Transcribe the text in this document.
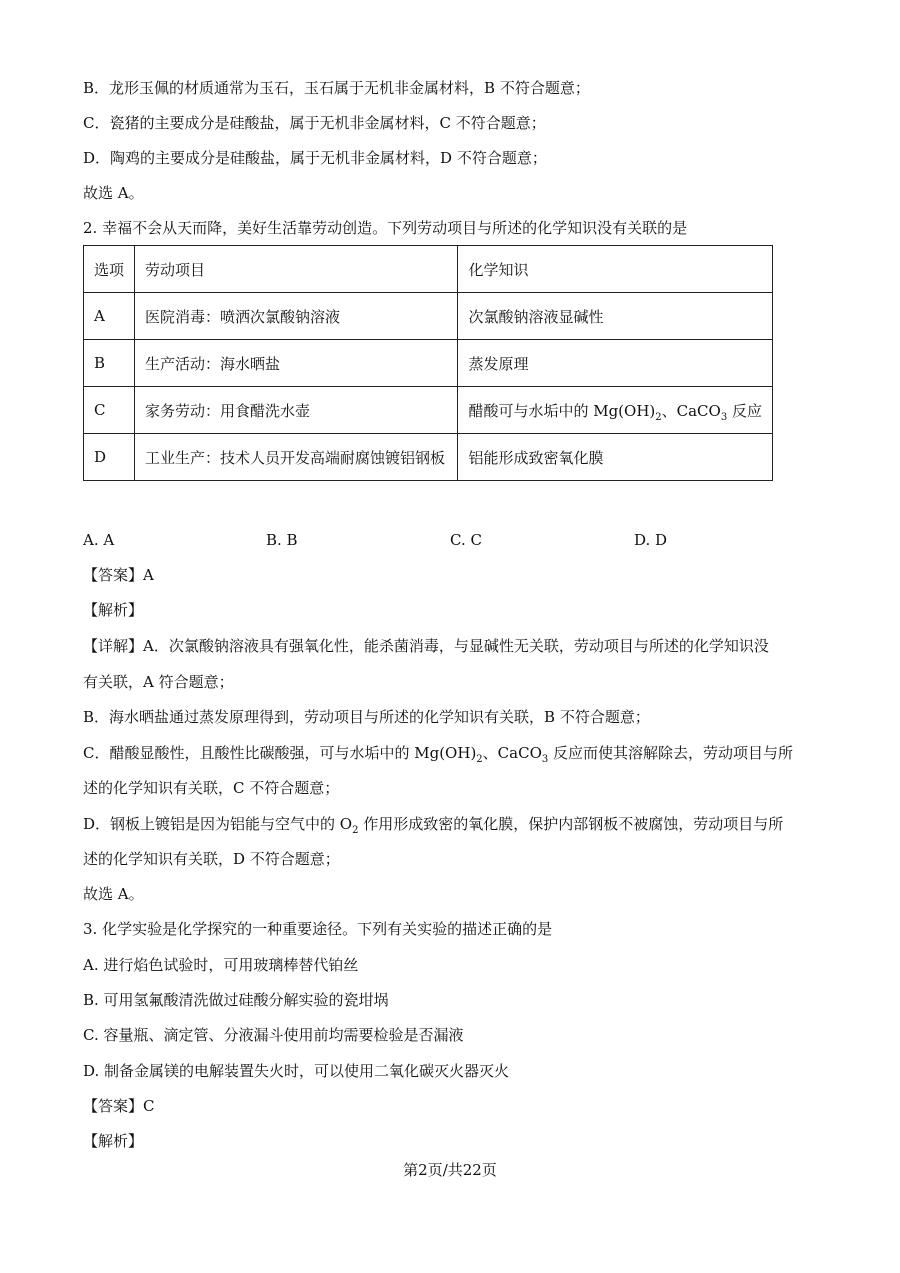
B．龙形玉佩的材质通常为玉石，玉石属于无机非金属材料，B 不符合题意；
C．瓷猪的主要成分是硅酸盐，属于无机非金属材料，C 不符合题意；
D．陶鸡的主要成分是硅酸盐，属于无机非金属材料，D 不符合题意；
故选 A。
2. 幸福不会从天而降，美好生活靠劳动创造。下列劳动项目与所述的化学知识没有关联的是
选项	劳动项目	化学知识
A	医院消毒：喷洒次氯酸钠溶液	次氯酸钠溶液显碱性
B	生产活动：海水晒盐	蒸发原理
C	家务劳动：用食醋洗水壶	醋酸可与水垢中的 $Mg(OH)_2$、CaCO$_3$ 反应
D	工业生产：技术人员开发高端耐腐蚀镀铝钢板	铝能形成致密氧化膜
A. A	B. B	C. C	D. D
【答案】A
【解析】
【详解】A．次氯酸钠溶液具有强氧化性，能杀菌消毒，与显碱性无关联，劳动项目与所述的化学知识没
有关联，A 符合题意；
B．海水晒盐通过蒸发原理得到，劳动项目与所述的化学知识有关联，B 不符合题意；
C．醋酸显酸性，且酸性比碳酸强，可与水垢中的 $Mg(OH)_2$、CaCO$_3$ 反应而使其溶解除去，劳动项目与所
述的化学知识有关联，C 不符合题意；
D．钢板上镀铝是因为铝能与空气中的 $O_2$ 作用形成致密的氧化膜，保护内部钢板不被腐蚀，劳动项目与所
述的化学知识有关联，D 不符合题意；
故选 A。
3. 化学实验是化学探究的一种重要途径。下列有关实验的描述正确的是
A. 进行焰色试验时，可用玻璃棒替代铂丝
B. 可用氢氟酸清洗做过硅酸分解实验的瓷坩埚
C. 容量瓶、滴定管、分液漏斗使用前均需要检验是否漏液
D. 制备金属镁的电解装置失火时，可以使用二氧化碳灭火器灭火
【答案】C
【解析】
第2页/共22页
